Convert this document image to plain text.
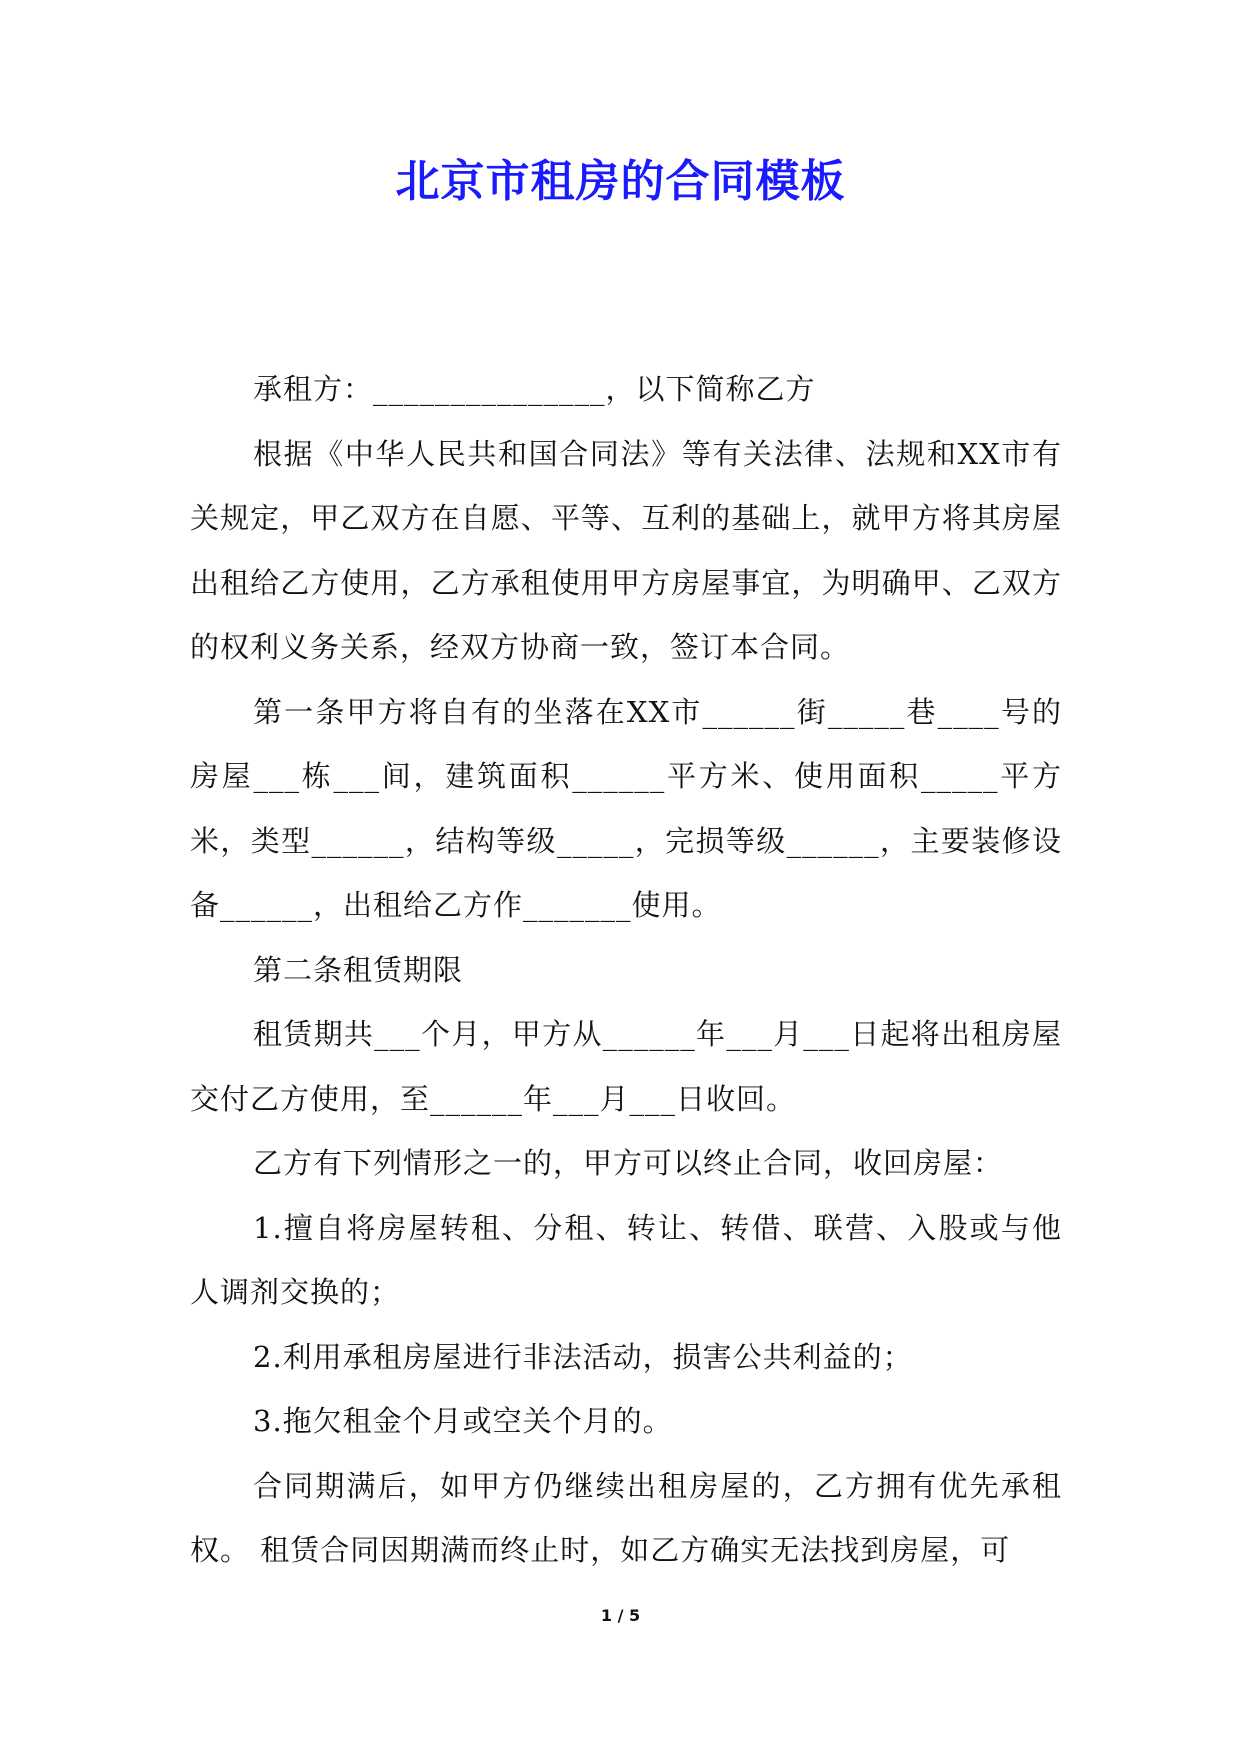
北京市租房的合同模板

承租方：_______________，以下简称乙方

根据《中华人民共和国合同法》等有关法律、法规和XX市有关规定，甲乙双方在自愿、平等、互利的基础上，就甲方将其房屋出租给乙方使用，乙方承租使用甲方房屋事宜，为明确甲、乙双方的权利义务关系，经双方协商一致，签订本合同。

第一条甲方将自有的坐落在XX市______街_____巷____号的房屋___栋___间，建筑面积______平方米、使用面积_____平方米，类型______，结构等级_____，完损等级______，主要装修设备______，出租给乙方作_______使用。

第二条租赁期限

租赁期共___个月，甲方从______年___月___日起将出租房屋交付乙方使用，至______年___月___日收回。

乙方有下列情形之一的，甲方可以终止合同，收回房屋：

1.擅自将房屋转租、分租、转让、转借、联营、入股或与他人调剂交换的；

2.利用承租房屋进行非法活动，损害公共利益的；

3.拖欠租金个月或空关个月的。

合同期满后，如甲方仍继续出租房屋的，乙方拥有优先承租权。 租赁合同因期满而终止时，如乙方确实无法找到房屋，可

1 / 5
